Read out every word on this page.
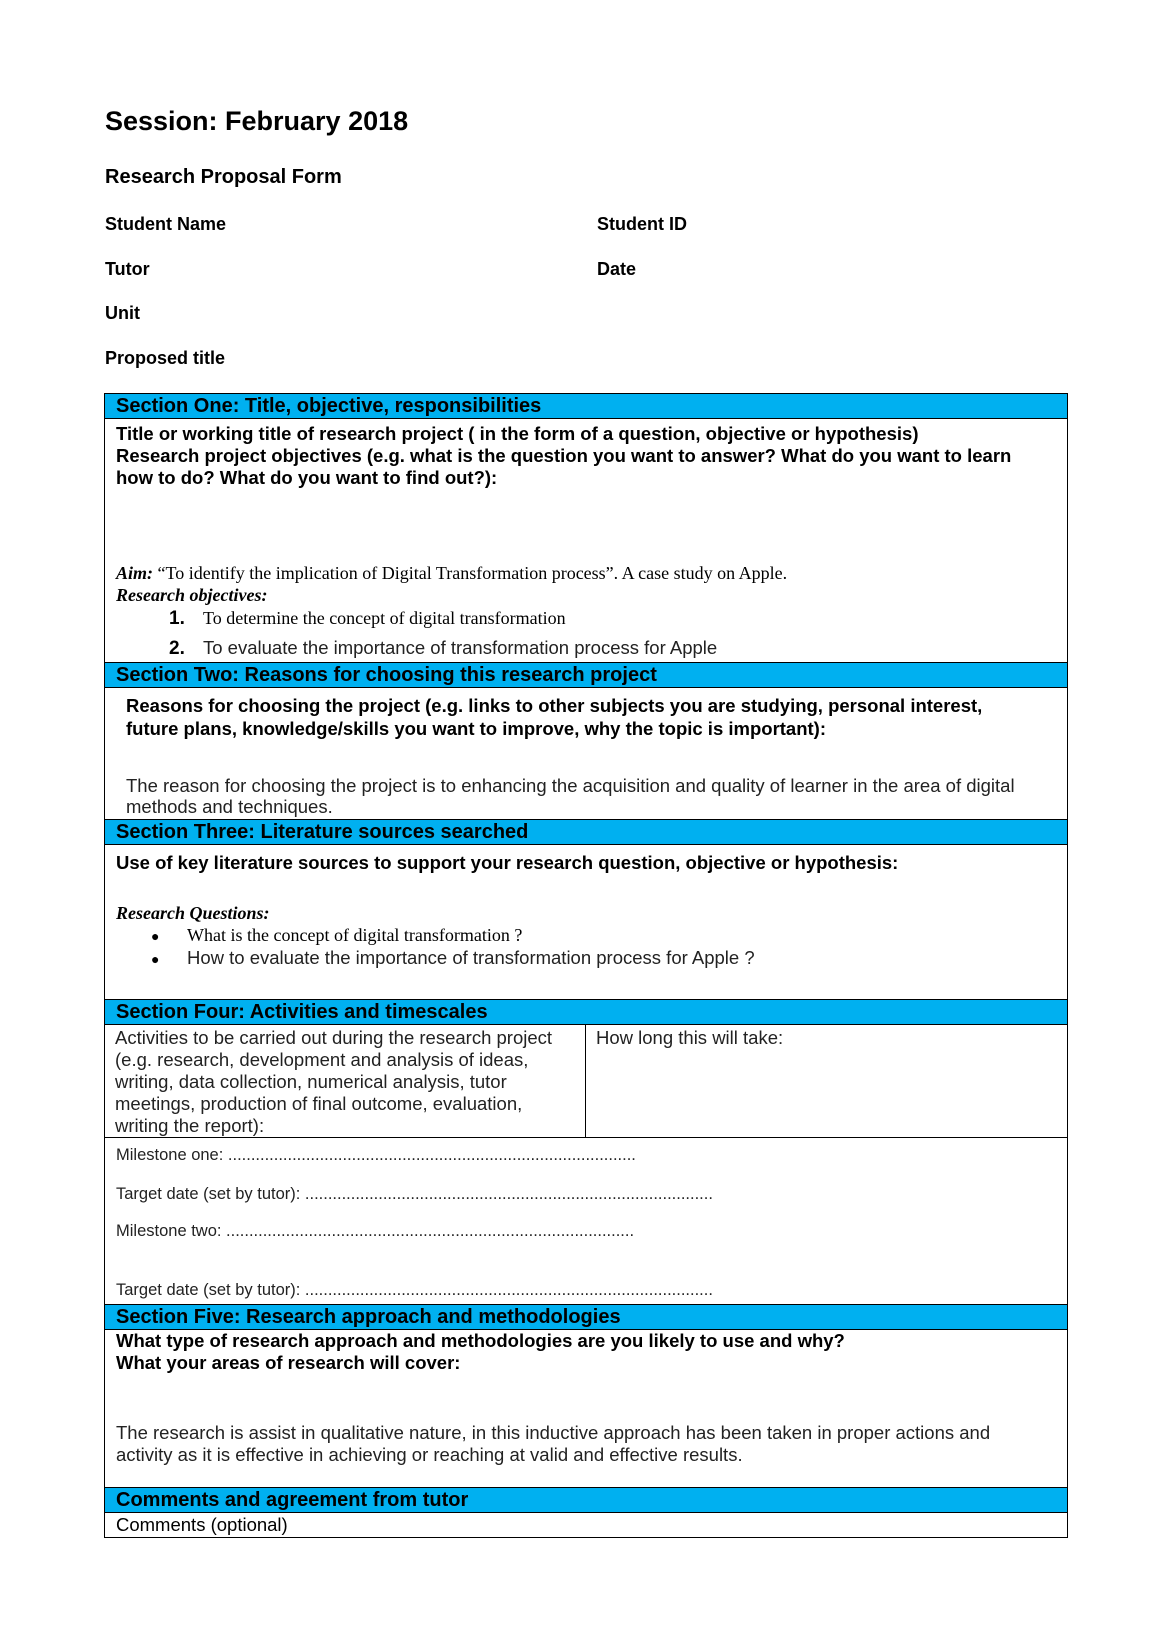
Session: February 2018
Research Proposal Form
Student Name	Student ID
Tutor	Date
Unit
Proposed title
Section One: Title, objective, responsibilities
Title or working title of research project ( in the form of a question, objective or hypothesis)
Research project objectives (e.g. what is the question you want to answer? What do you want to learn how to do? What do you want to find out?):
Aim: “To identify the implication of Digital Transformation process”. A case study on Apple.
Research objectives:
1. To determine the concept of digital transformation
2. To evaluate the importance of transformation process for Apple
Section Two: Reasons for choosing this research project
Reasons for choosing the project (e.g. links to other subjects you are studying, personal interest, future plans, knowledge/skills you want to improve, why the topic is important):
The reason for choosing the project is to enhancing the acquisition and quality of learner in the area of digital methods and techniques.
Section Three: Literature sources searched
Use of key literature sources to support your research question, objective or hypothesis:
Research Questions:
● What is the concept of digital transformation ?
● How to evaluate the importance of transformation process for Apple ?
Section Four: Activities and timescales
Activities to be carried out during the research project (e.g. research, development and analysis of ideas, writing, data collection, numerical analysis, tutor meetings, production of final outcome, evaluation, writing the report):
How long this will take:
Milestone one: .........................................................................................
Target date (set by tutor): .........................................................................................
Milestone two: .........................................................................................
Target date (set by tutor): .........................................................................................
Section Five: Research approach and methodologies
What type of research approach and methodologies are you likely to use and why?
What your areas of research will cover:
The research is assist in qualitative nature, in this inductive approach has been taken in proper actions and activity as it is effective in achieving or reaching at valid and effective results.
Comments and agreement from tutor
Comments (optional)
